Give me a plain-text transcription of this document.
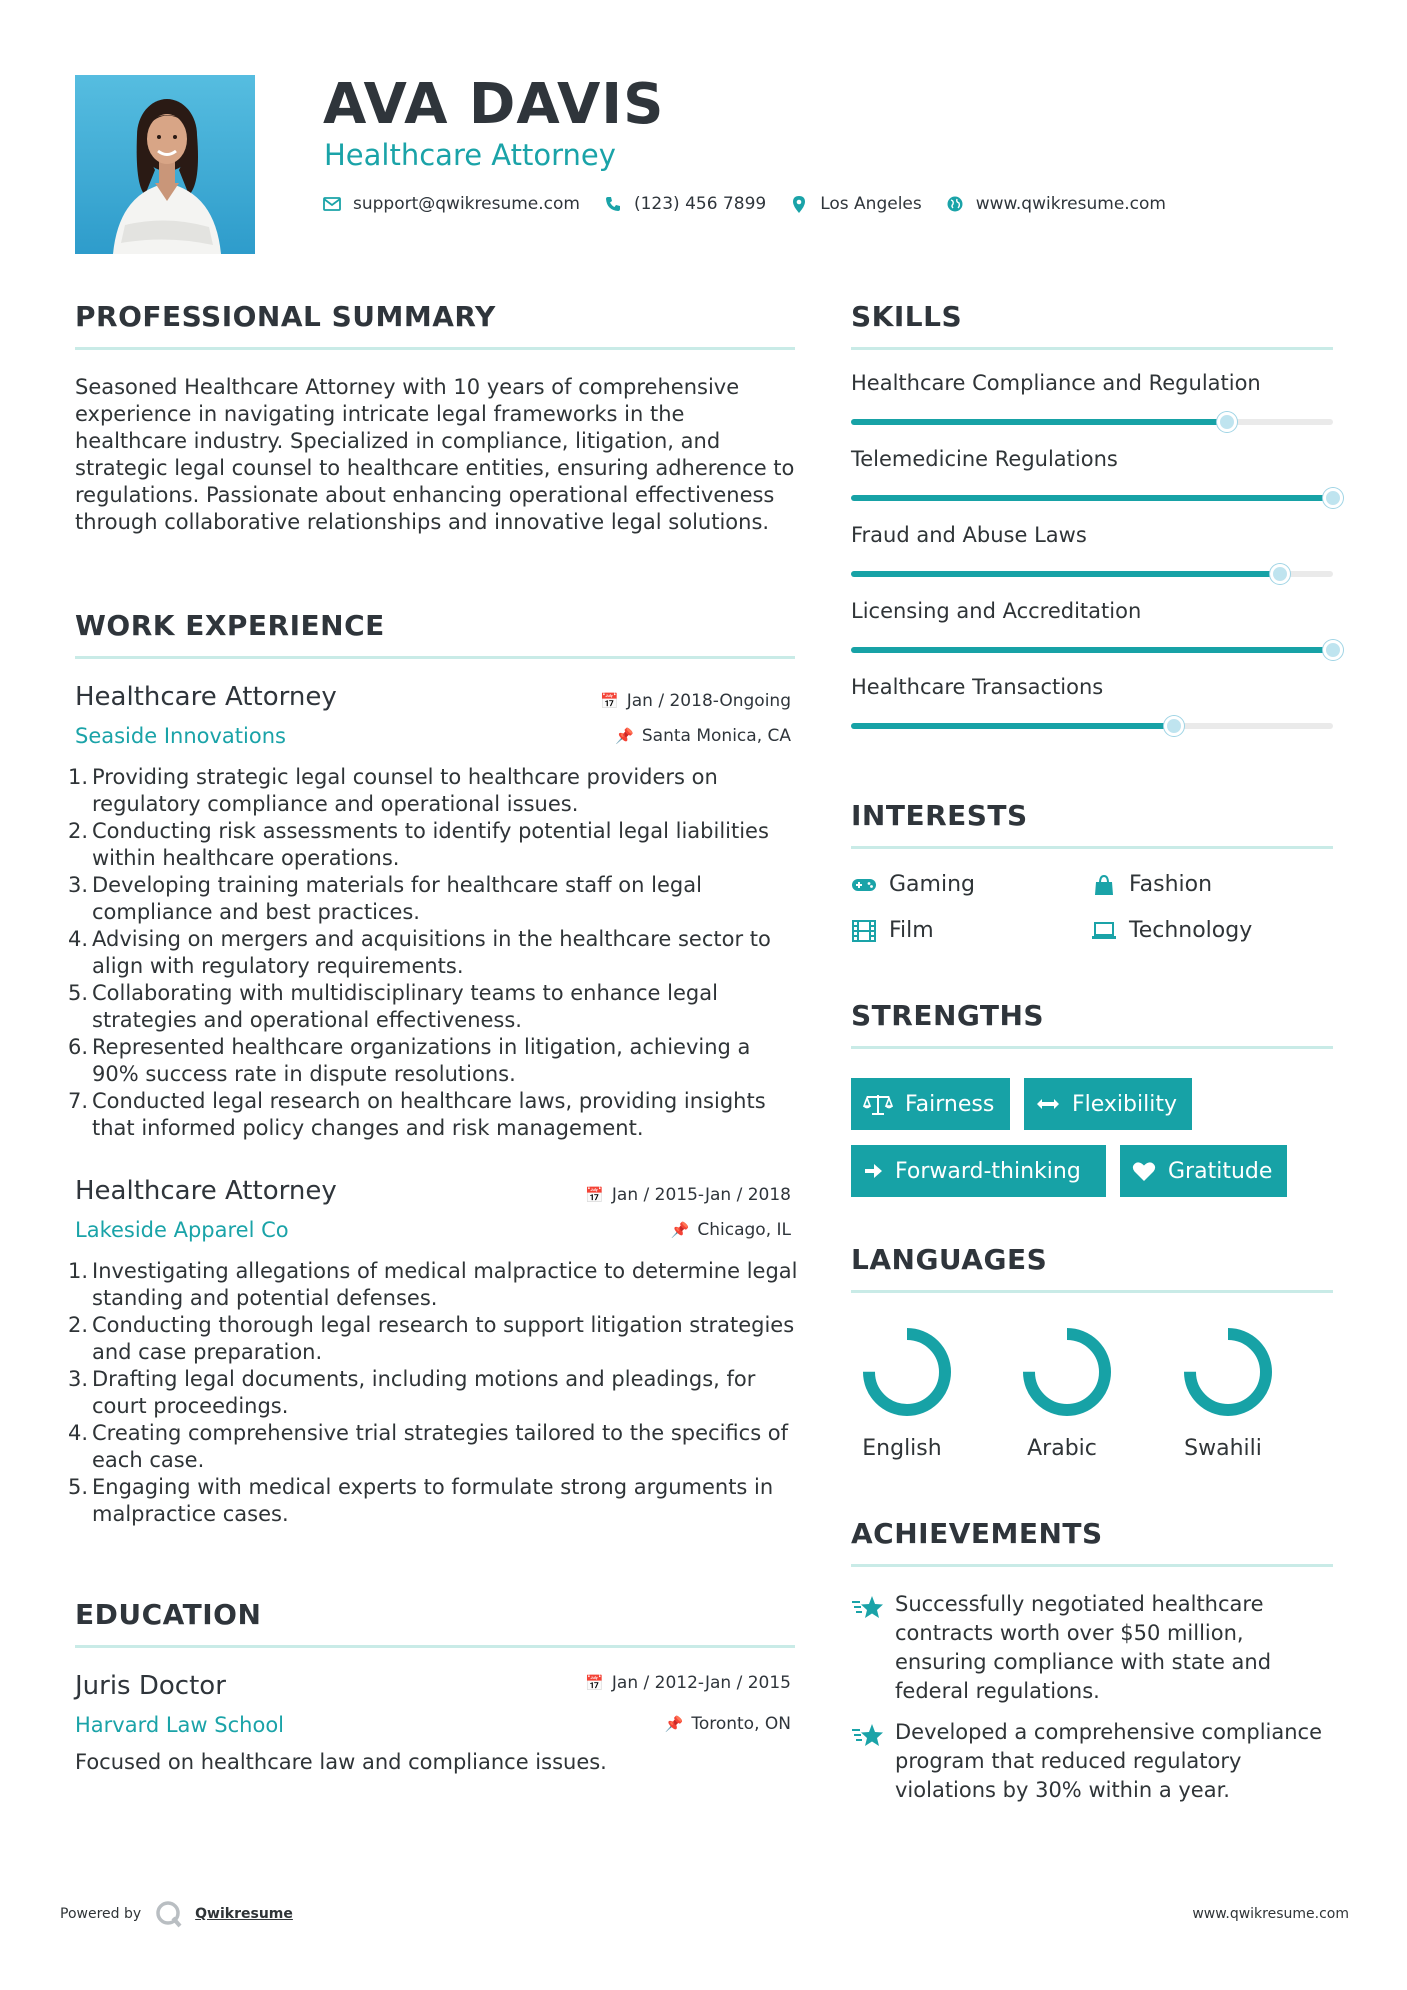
AVA DAVIS
Healthcare Attorney
support@qwikresume.com	(123) 456 7899	Los Angeles	www.qwikresume.com
PROFESSIONAL SUMMARY
Seasoned Healthcare Attorney with 10 years of comprehensive experience in navigating intricate legal frameworks in the healthcare industry. Specialized in compliance, litigation, and strategic legal counsel to healthcare entities, ensuring adherence to regulations. Passionate about enhancing operational effectiveness through collaborative relationships and innovative legal solutions.
WORK EXPERIENCE
Healthcare Attorney	📅 Jan / 2018-Ongoing
Seaside Innovations	📌 Santa Monica, CA
1. Providing strategic legal counsel to healthcare providers on regulatory compliance and operational issues.
2. Conducting risk assessments to identify potential legal liabilities within healthcare operations.
3. Developing training materials for healthcare staff on legal compliance and best practices.
4. Advising on mergers and acquisitions in the healthcare sector to align with regulatory requirements.
5. Collaborating with multidisciplinary teams to enhance legal strategies and operational effectiveness.
6. Represented healthcare organizations in litigation, achieving a 90% success rate in dispute resolutions.
7. Conducted legal research on healthcare laws, providing insights that informed policy changes and risk management.
Healthcare Attorney	📅 Jan / 2015-Jan / 2018
Lakeside Apparel Co	📌 Chicago, IL
1. Investigating allegations of medical malpractice to determine legal standing and potential defenses.
2. Conducting thorough legal research to support litigation strategies and case preparation.
3. Drafting legal documents, including motions and pleadings, for court proceedings.
4. Creating comprehensive trial strategies tailored to the specifics of each case.
5. Engaging with medical experts to formulate strong arguments in malpractice cases.
EDUCATION
Juris Doctor	📅 Jan / 2012-Jan / 2015
Harvard Law School	📌 Toronto, ON
Focused on healthcare law and compliance issues.
SKILLS
Healthcare Compliance and Regulation
Telemedicine Regulations
Fraud and Abuse Laws
Licensing and Accreditation
Healthcare Transactions
INTERESTS
Gaming	Fashion
Film	Technology
STRENGTHS
Fairness	Flexibility
Forward-thinking	Gratitude
LANGUAGES
English	Arabic	Swahili
ACHIEVEMENTS
Successfully negotiated healthcare contracts worth over $50 million, ensuring compliance with state and federal regulations.
Developed a comprehensive compliance program that reduced regulatory violations by 30% within a year.
Powered by	Qwikresume	www.qwikresume.com
